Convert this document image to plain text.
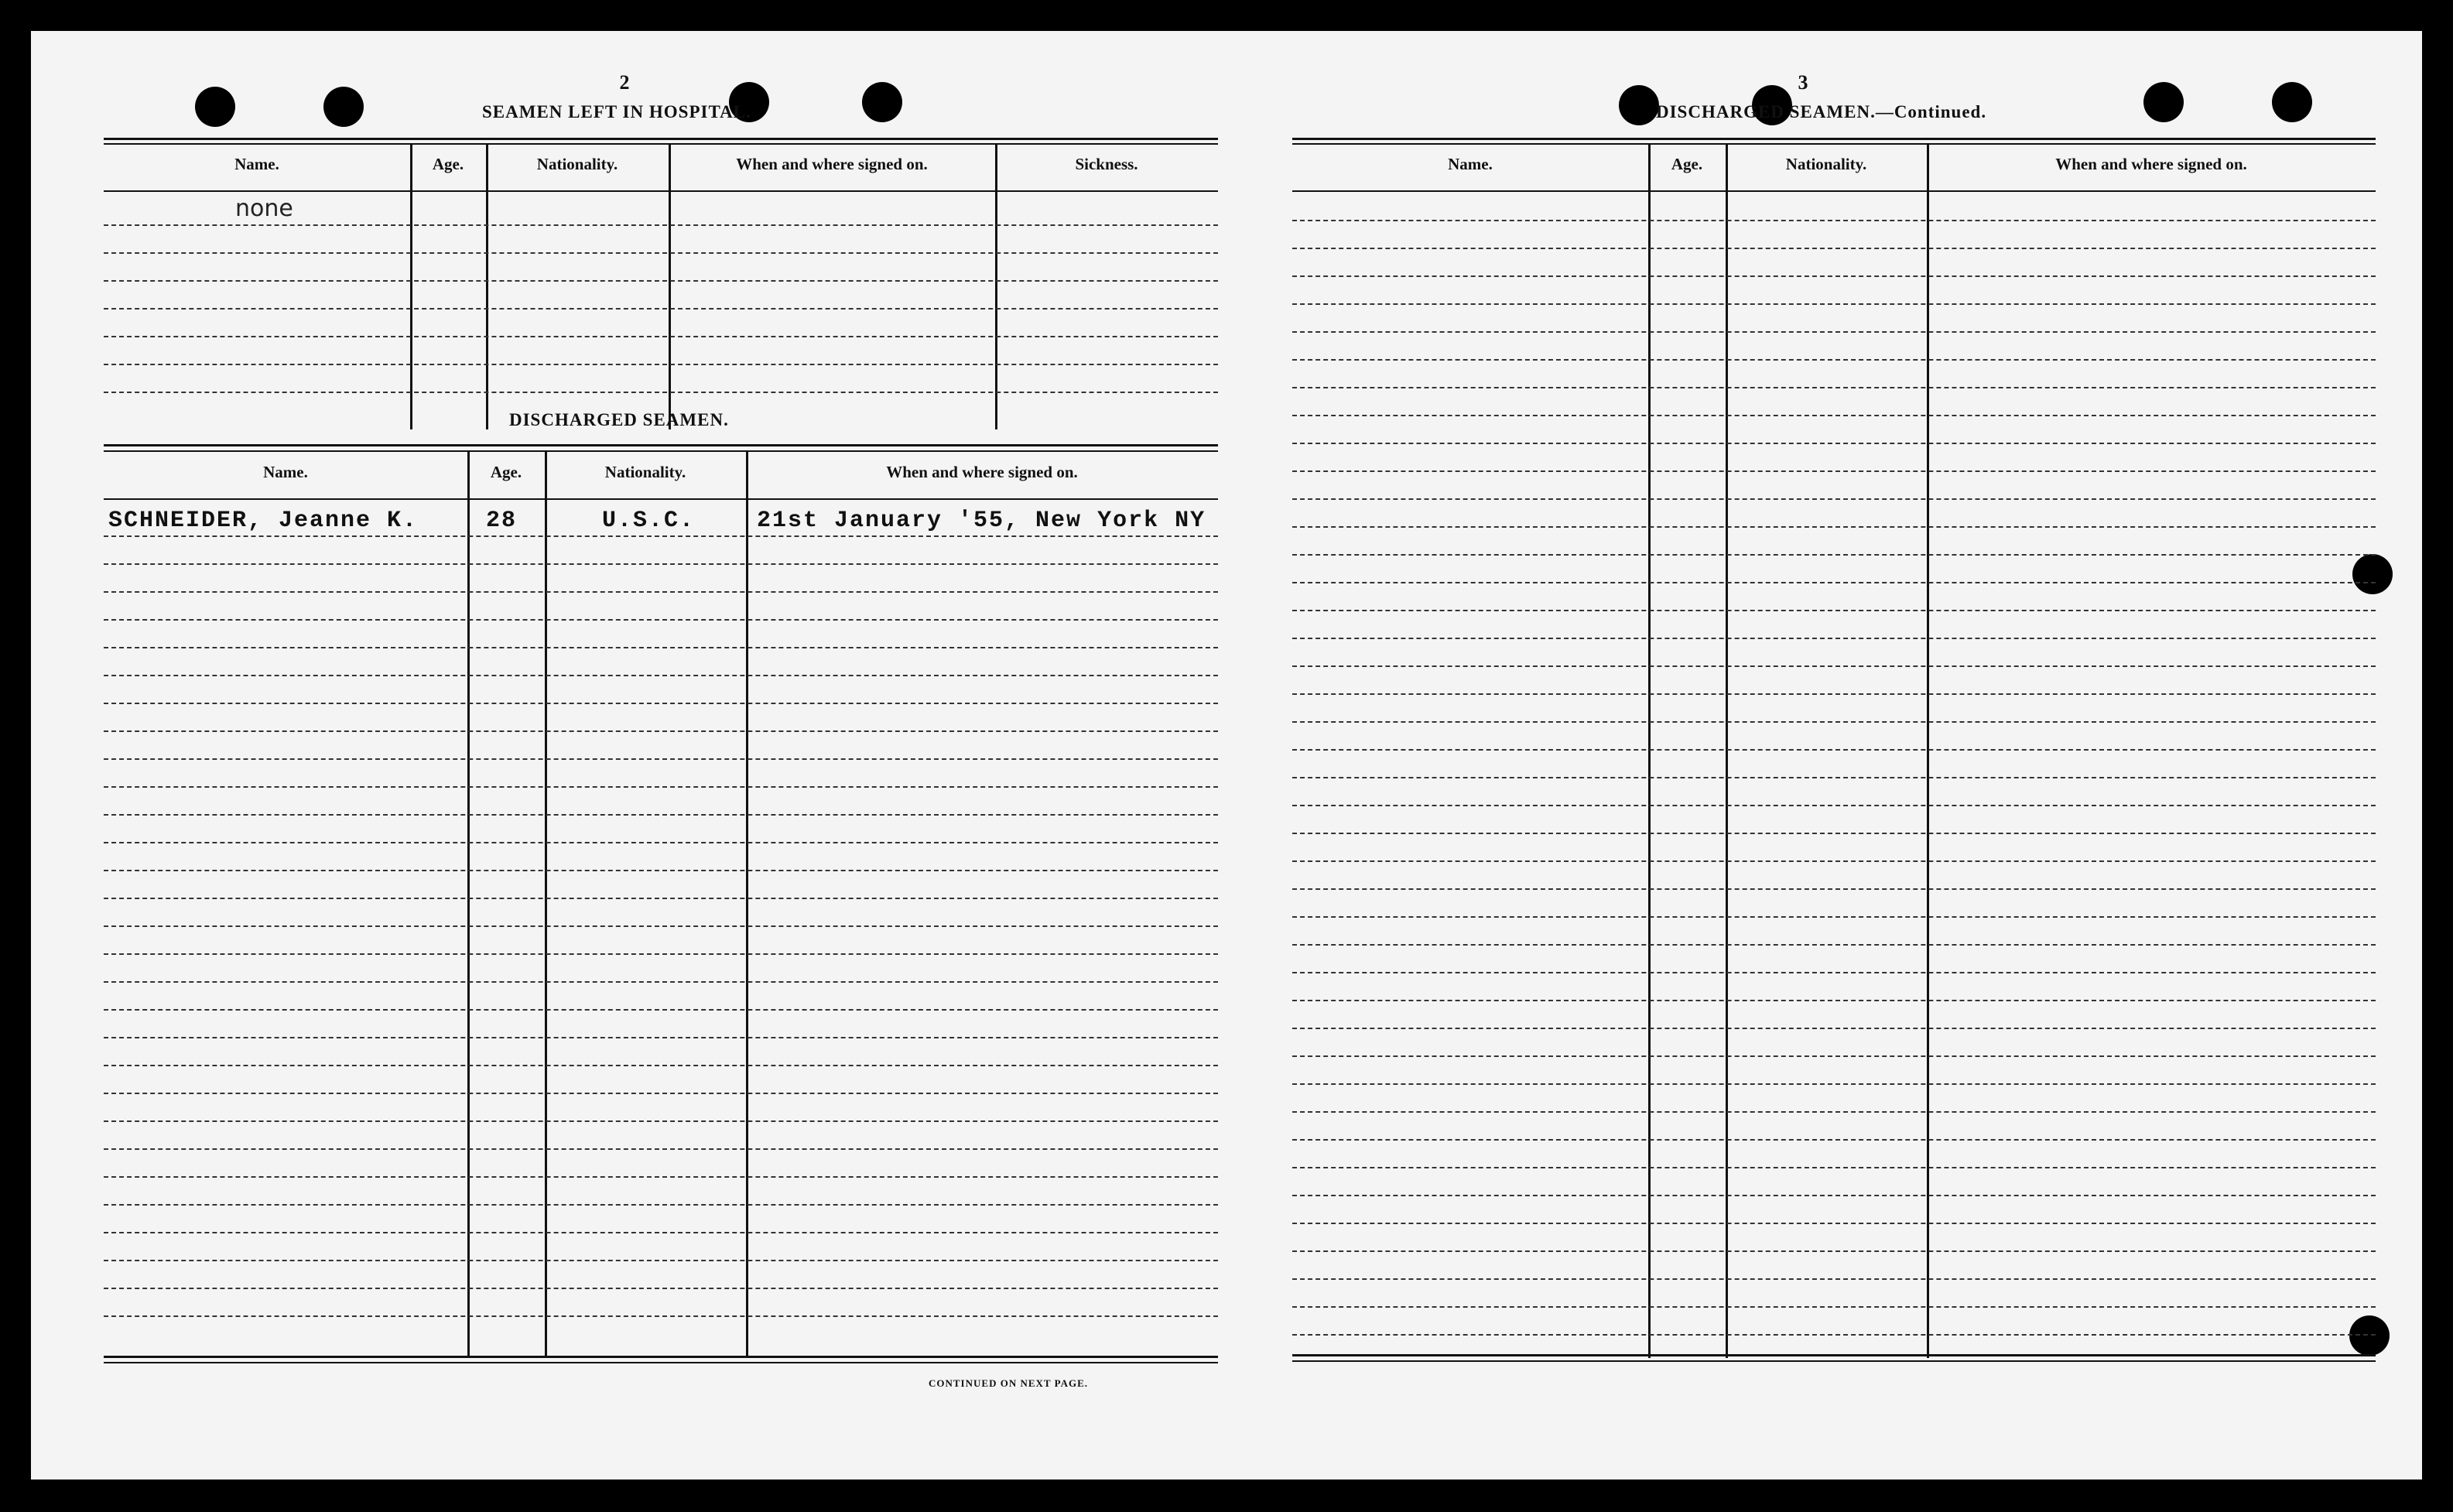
2
SEAMEN LEFT IN HOSPITAL.
Name.	Age.	Nationality.	When and where signed on.	Sickness.
none
DISCHARGED SEAMEN.
Name.	Age.	Nationality.	When and where signed on.
SCHNEIDER, Jeanne K.	28	U.S.C.	21st January '55, New York NY
CONTINUED ON NEXT PAGE.
3
DISCHARGED SEAMEN.—Continued.
Name.	Age.	Nationality.	When and where signed on.
